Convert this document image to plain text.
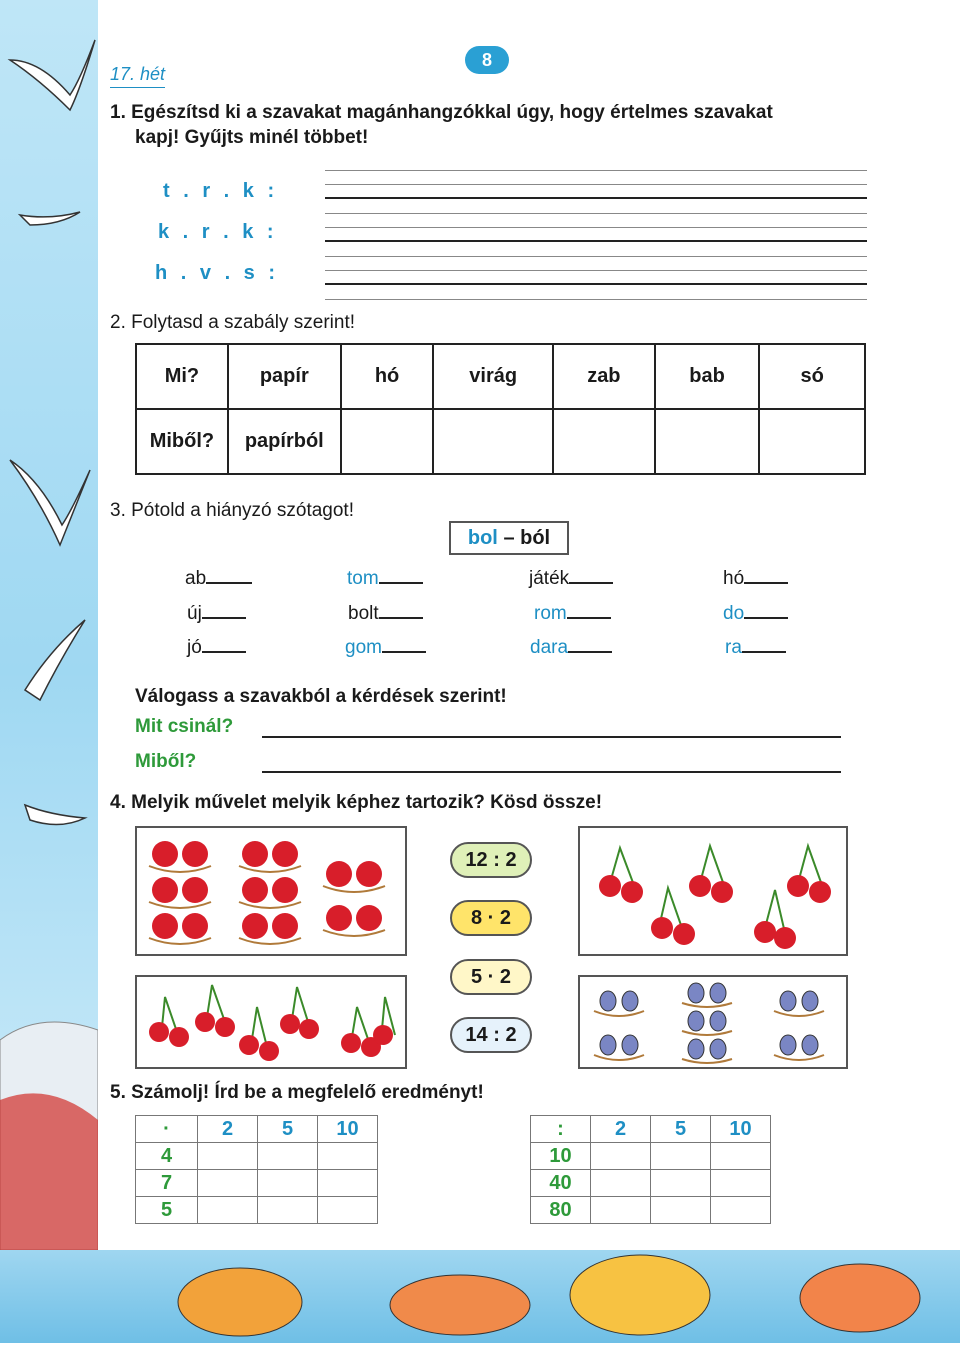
17. hét
8
1. Egészítsd ki a szavakat magánhangzókkal úgy, hogy értelmes szavakat
kapj! Gyűjts minél többet!
t . r . k :
k . r . k :
h . v . s :
2. Folytasd a szabály szerint!
Mi?	papír	hó	virág	zab	bab	só
Miből?	papírból					
3. Pótold a hiányzó szótagot!
bol – ból
ab	tom	játék	hó
új	bolt	rom	do
jó	gom	dara	ra
Válogass a szavakból a kérdések szerint!
Mit csinál?
Miből?
4. Melyik művelet melyik képhez tartozik? Kösd össze!
12 : 2
8 · 2
5 · 2
14 : 2
5. Számolj! Írd be a megfelelő eredményt!
·	2	5	10
4			
7			
5			
:	2	5	10
10			
40			
80			
